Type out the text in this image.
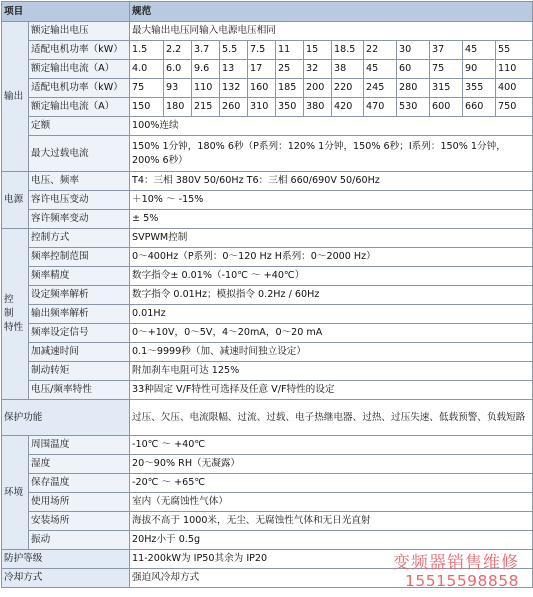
项目		规范												
输出	额定输出电压	最大输出电压同输入电源电压相同												
	适配电机功率（kW）	1.5	2.2	3.7	5.5	7.5	11	15	18.5	22	30	37	45	55
	额定输出电流（A）	4.0	6.0	9.6	13	17	25	32	38	45	60	75	90	110
	适配电机功率（kW）	75	93	110	132	160	185	200	220	245	280	315	355	400
	额定输出电流（A）	150	180	215	260	310	350	380	420	470	530	600	660	750
	定额	100%连续												
	最大过载电流	150% 1分钟，180% 6秒（P系列：120% 1分钟，150% 6秒；I系列：150% 1分钟，200% 6秒）												

电源	电压、频率	T4：三相 380V 50/60Hz T6：三相 660/690V 50/60Hz												
	容许电压变动	＋10% ～ -15%												
	容许频率变动	± 5%												
控 制
特性	控制方式	SVPWM控制												
	频率控制范围	0～400Hz（P系列：0～120 Hz H系列：0～2000 Hz）												
	频率精度	数字指令± 0.01%（-10℃ ～ +40℃）												
	设定频率解析	数字指令 0.01Hz；模拟指令 0.2Hz / 60Hz												
	输出频率解析	0.01Hz												
	频率设定信号	0～+10V，0～5V，4～20mA，0～20 mA												
	加减速时间	0.1～9999秒（加、减速时间独立设定）												
	制动转矩	附加刹车电阻可达 125%												
	电压/频率特性	33种固定 V/F特性可选择及任意 V/F特性的设定												
保护功能		过压、欠压、电流限幅、过流、过载、电子热继电器、过热、过压失速、低载预警、负载短路												
环境	周围温度	-10℃ ～ +40℃												
	湿度	20～90% RH（无凝露）												
	保存温度	-20℃ ～ +65℃												
	使用场所	室内（无腐蚀性气体）												
	安装场所	海拔不高于 1000米，无尘、无腐蚀性气体和无日光直射												
	振动	20Hz小于 0.5g												
防护等级		11-200kW为 IP50其余为 IP20												
冷却方式		强迫风冷却方式												
变频器销售维修
15515598858
